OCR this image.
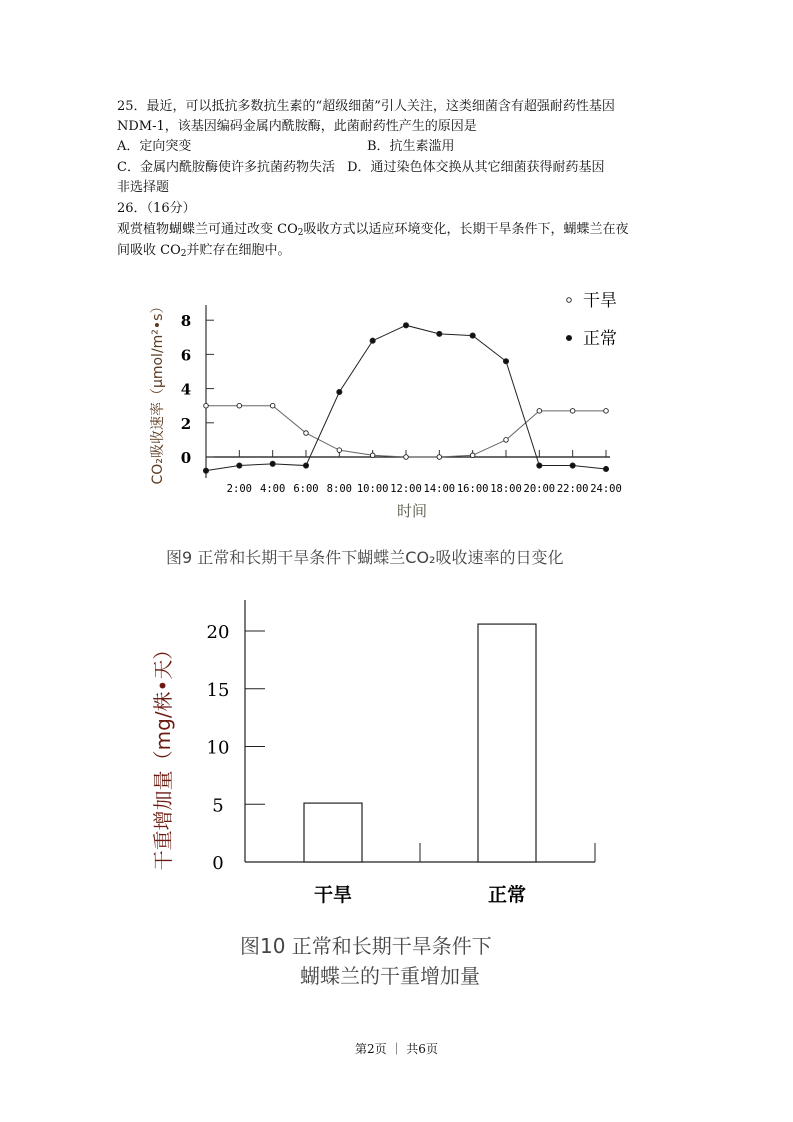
25．最近，可以抵抗多数抗生素的“超级细菌”引人关注，这类细菌含有超强耐药性基因
NDM-1，该基因编码金属内酰胺酶，此菌耐药性产生的原因是
A．定向突变	B．抗生素滥用
C．金属内酰胺酶使许多抗菌药物失活 D．通过染色体交换从其它细菌获得耐药基因
非选择题
26．（16分）
观赏植物蝴蝶兰可通过改变 $CO_2$吸收方式以适应环境变化，长期干旱条件下，蝴蝶兰在夜
间吸收 $CO_2$并贮存在细胞中。
0
2
4
6
8
2:00 4:00 6:00 8:00 10:00 12:00 14:00 16:00 18:00 20:00 22:00 24:00
时间
CO₂吸收速率（μmol/m²•s）	干旱
正常
0
5
10
15
20
干旱	正常
干重增加量（mg/株•天）
图9 正常和长期干旱条件下蝴蝶兰CO₂吸收速率的日变化
图10 正常和长期干旱条件下
蝴蝶兰的干重增加量
第2页 ｜ 共6页
